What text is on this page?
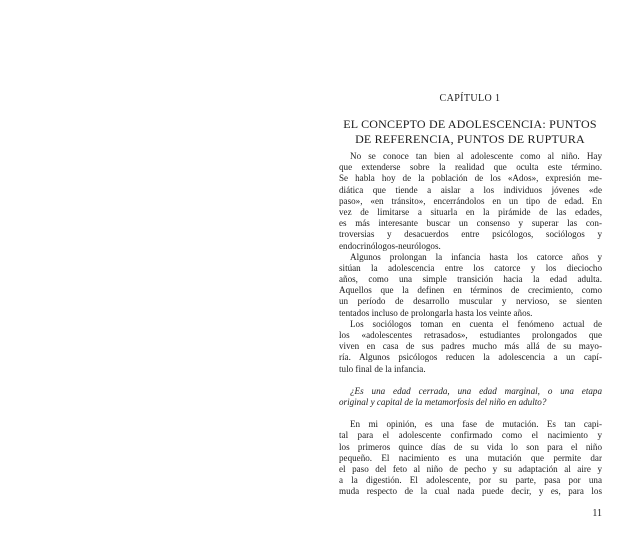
CAPÍTULO 1
EL CONCEPTO DE ADOLESCENCIA: PUNTOS
DE REFERENCIA, PUNTOS DE RUPTURA
No se conoce tan bien al adolescente como al niño. Hay
que extenderse sobre la realidad que oculta este término.
Se habla hoy de la población de los «Ados», expresión me-
diática que tiende a aislar a los individuos jóvenes «de
paso», «en tránsito», encerrándolos en un tipo de edad. En
vez de limitarse a situarla en la pirámide de las edades,
es más interesante buscar un consenso y superar las con-
troversias y desacuerdos entre psicólogos, sociólogos y
endocrinólogos-neurólogos.
Algunos prolongan la infancia hasta los catorce años y
sitúan la adolescencia entre los catorce y los dieciocho
años, como una simple transición hacia la edad adulta.
Aquellos que la definen en términos de crecimiento, como
un período de desarrollo muscular y nervioso, se sienten
tentados incluso de prolongarla hasta los veinte años.
Los sociólogos toman en cuenta el fenómeno actual de
los «adolescentes retrasados», estudiantes prolongados que
viven en casa de sus padres mucho más allá de su mayo-
ría. Algunos psicólogos reducen la adolescencia a un capí-
tulo final de la infancia.
¿Es una edad cerrada, una edad marginal, o una etapa
original y capital de la metamorfosis del niño en adulto?
En mi opinión, es una fase de mutación. Es tan capi-
tal para el adolescente confirmado como el nacimiento y
los primeros quince días de su vida lo son para el niño
pequeño. El nacimiento es una mutación que permite dar
el paso del feto al niño de pecho y su adaptación al aire y
a la digestión. El adolescente, por su parte, pasa por una
muda respecto de la cual nada puede decir, y es, para los
11
